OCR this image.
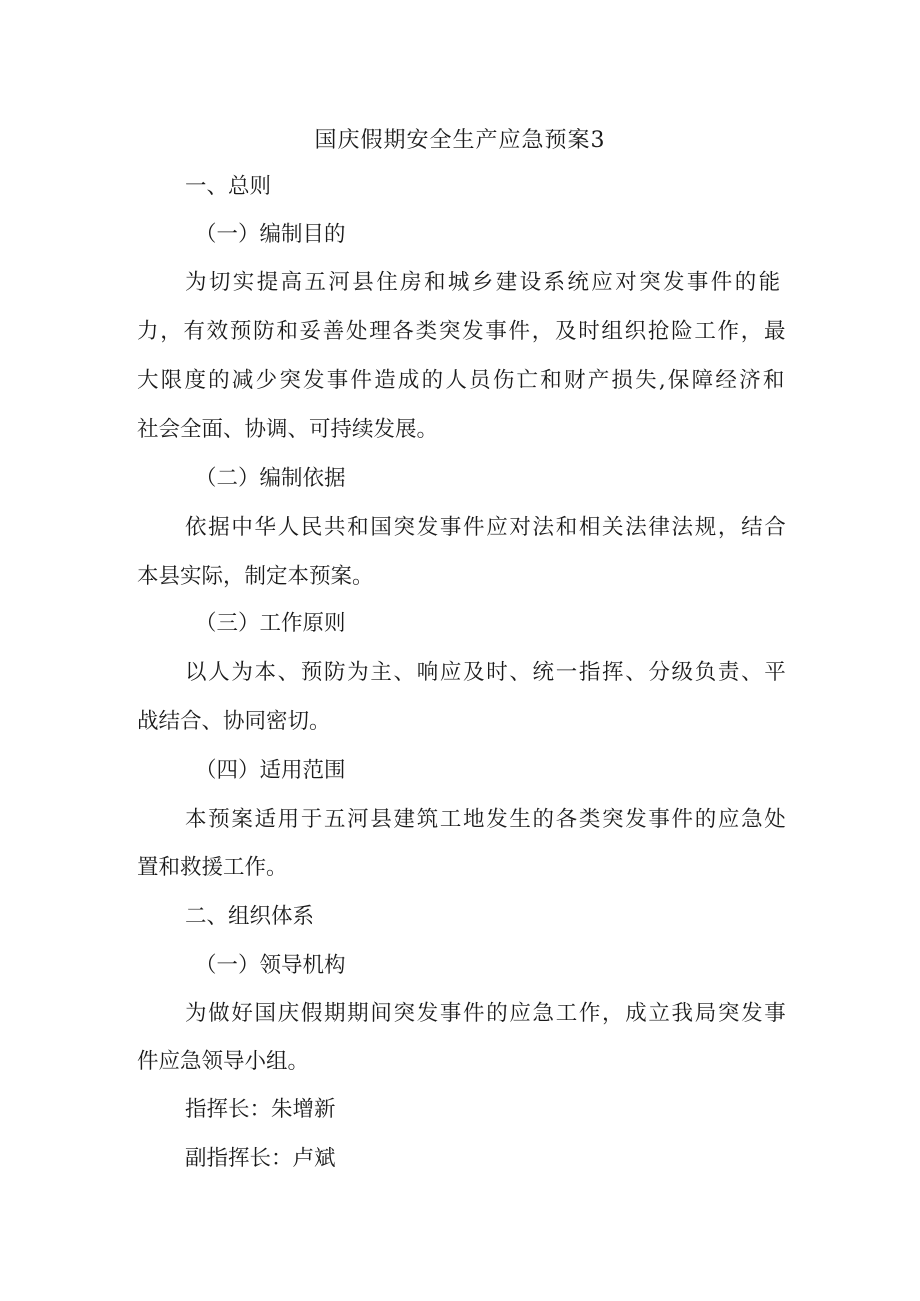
国庆假期安全生产应急预案3
一、总则
（一）编制目的
为切实提高五河县住房和城乡建设系统应对突发事件的能
力，有效预防和妥善处理各类突发事件，及时组织抢险工作，最
大限度的减少突发事件造成的人员伤亡和财产损失,保障经济和
社会全面、协调、可持续发展。
（二）编制依据
依据中华人民共和国突发事件应对法和相关法律法规，结合
本县实际，制定本预案。
（三）工作原则
以人为本、预防为主、响应及时、统一指挥、分级负责、平
战结合、协同密切。
（四）适用范围
本预案适用于五河县建筑工地发生的各类突发事件的应急处
置和救援工作。
二、组织体系
（一）领导机构
为做好国庆假期期间突发事件的应急工作，成立我局突发事
件应急领导小组。
指挥长：朱增新
副指挥长：卢斌
